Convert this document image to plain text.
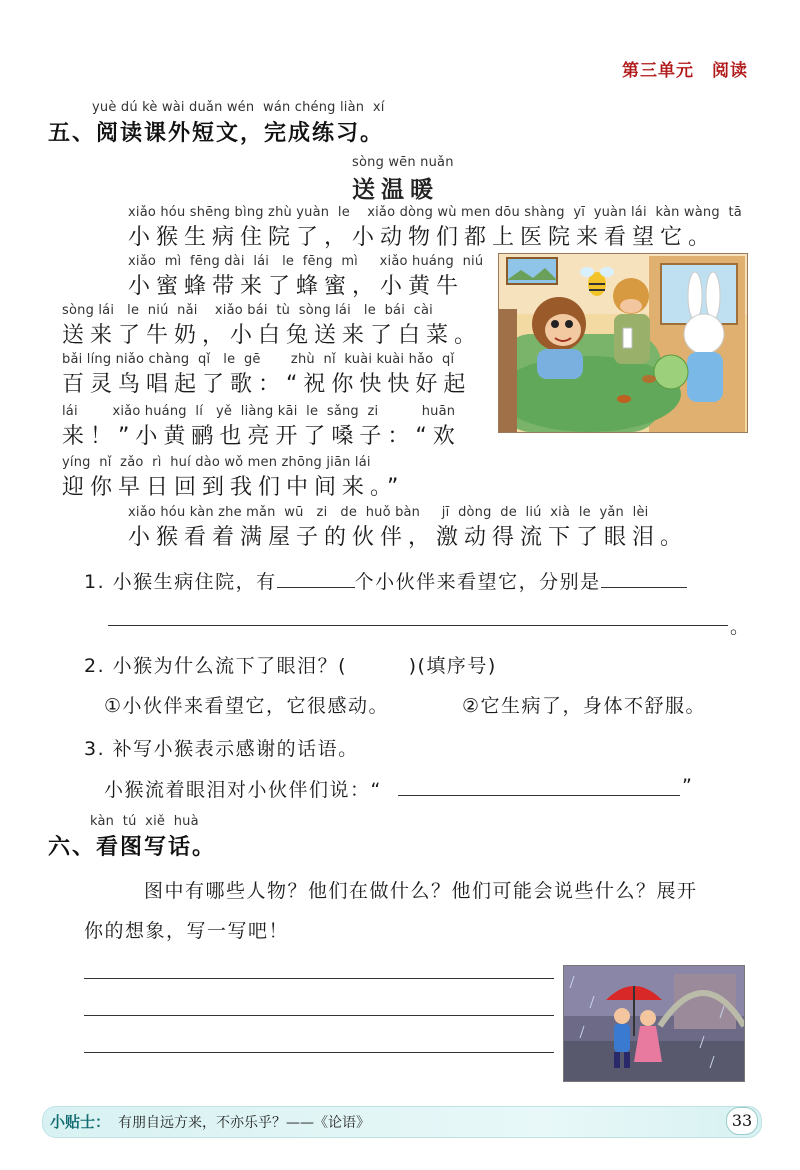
第三单元　阅读
yuè dú kè wài duǎn wén  wán chéng liàn  xí
五、阅读课外短文，完成练习。
sòng wēn nuǎn
送温暖
xiǎo hóu shēng bìng zhù yuàn  le    xiǎo dòng wù men dōu shàng  yī  yuàn lái  kàn wàng  tā
小猴生病住院了，小动物们都上医院来看望它。
xiǎo  mì  fēng dài  lái   le  fēng  mì     xiǎo huáng  niú
小蜜蜂带来了蜂蜜，小黄牛
sòng lái   le  niú  nǎi    xiǎo bái  tù  sòng lái   le  bái  cài
送来了牛奶，小白兔送来了白菜。
bǎi líng niǎo chàng  qǐ   le  gē       zhù  nǐ  kuài kuài hǎo  qǐ
百灵鸟唱起了歌：“祝你快快好起
lái        xiǎo huáng  lí   yě  liàng kāi  le  sǎng  zi          huān
来！”小黄鹂也亮开了嗓子：“欢
yíng  nǐ  zǎo  rì  huí dào wǒ men zhōng jiān lái
迎你早日回到我们中间来。”
xiǎo hóu kàn zhe mǎn  wū   zi   de  huǒ bàn     jī  dòng  de  liú  xià  le  yǎn  lèi
小猴看着满屋子的伙伴，激动得流下了眼泪。
1. 小猴生病住院，有	个小伙伴来看望它，分别是
。
2. 小猴为什么流下了眼泪？(　　　)(填序号)
①小伙伴来看望它，它很感动。	②它生病了，身体不舒服。
3. 补写小猴表示感谢的话语。
小猴流着眼泪对小伙伴们说：“	”
kàn  tú  xiě  huà
六、看图写话。
图中有哪些人物？他们在做什么？他们可能会说些什么？展开
你的想象，写一写吧！
小贴士： 有朋自远方来，不亦乐乎？——《论语》	33
